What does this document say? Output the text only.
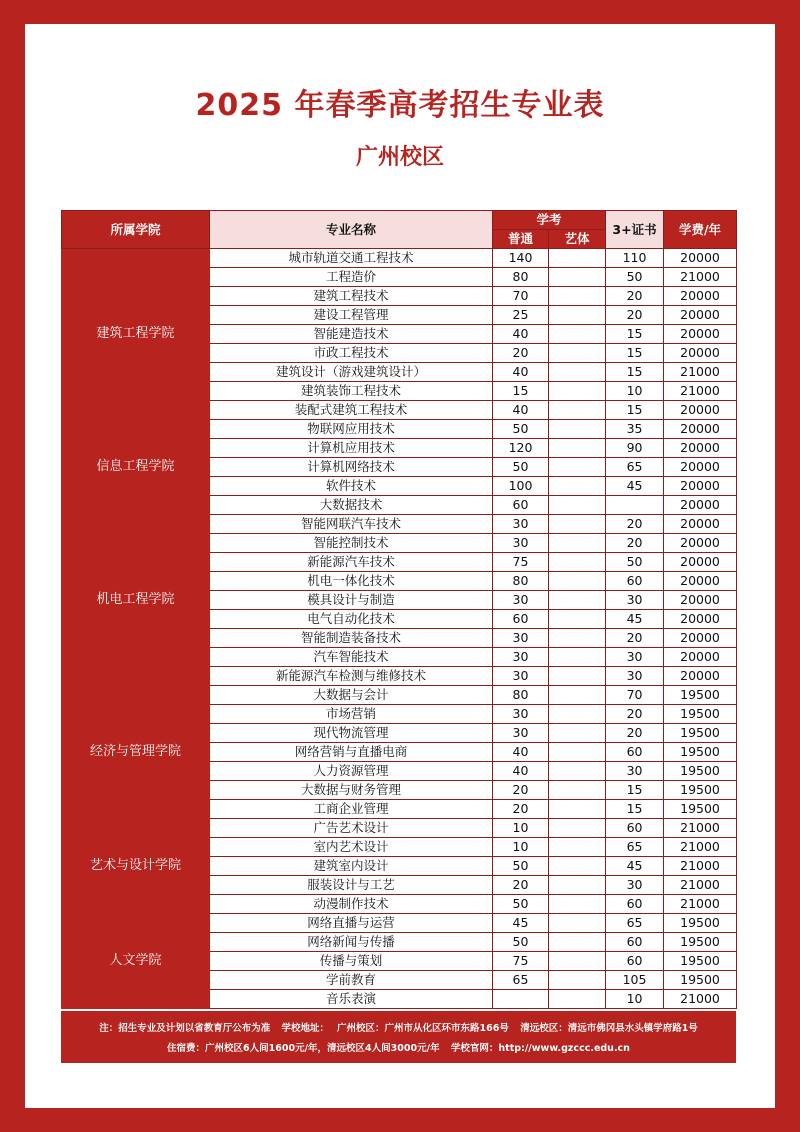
2025 年春季高考招生专业表
广州校区
所属学院	专业名称	学考		3+证书	学费/年
		普通	艺体		
建筑工程学院	城市轨道交通工程技术	140		110	20000
	工程造价	80		50	21000
	建筑工程技术	70		20	20000
	建设工程管理	25		20	20000
	智能建造技术	40		15	20000
	市政工程技术	20		15	20000
	建筑设计（游戏建筑设计）	40		15	21000
	建筑装饰工程技术	15		10	21000
	装配式建筑工程技术	40		15	20000
信息工程学院	物联网应用技术	50		35	20000
	计算机应用技术	120		90	20000
	计算机网络技术	50		65	20000
	软件技术	100		45	20000
	大数据技术	60			20000
机电工程学院	智能网联汽车技术	30		20	20000
	智能控制技术	30		20	20000
	新能源汽车技术	75		50	20000
	机电一体化技术	80		60	20000
	模具设计与制造	30		30	20000
	电气自动化技术	60		45	20000
	智能制造装备技术	30		20	20000
	汽车智能技术	30		30	20000
	新能源汽车检测与维修技术	30		30	20000
经济与管理学院	大数据与会计	80		70	19500
	市场营销	30		20	19500
	现代物流管理	30		20	19500
	网络营销与直播电商	40		60	19500
	人力资源管理	40		30	19500
	大数据与财务管理	20		15	19500
	工商企业管理	20		15	19500
艺术与设计学院	广告艺术设计	10		60	21000
	室内艺术设计	10		65	21000
	建筑室内设计	50		45	21000
	服装设计与工艺	20		30	21000
	动漫制作技术	50		60	21000
人文学院	网络直播与运营	45		65	19500
	网络新闻与传播	50		60	19500
	传播与策划	75		60	19500
	学前教育	65		105	19500
	音乐表演			10	21000
注：招生专业及计划以省教育厅公布为准 学校地址： 广州校区：广州市从化区环市东路166号 清远校区：清远市佛冈县水头镇学府路1号
住宿费：广州校区6人间1600元/年，清远校区4人间3000元/年 学校官网：http://www.gzccc.edu.cn
